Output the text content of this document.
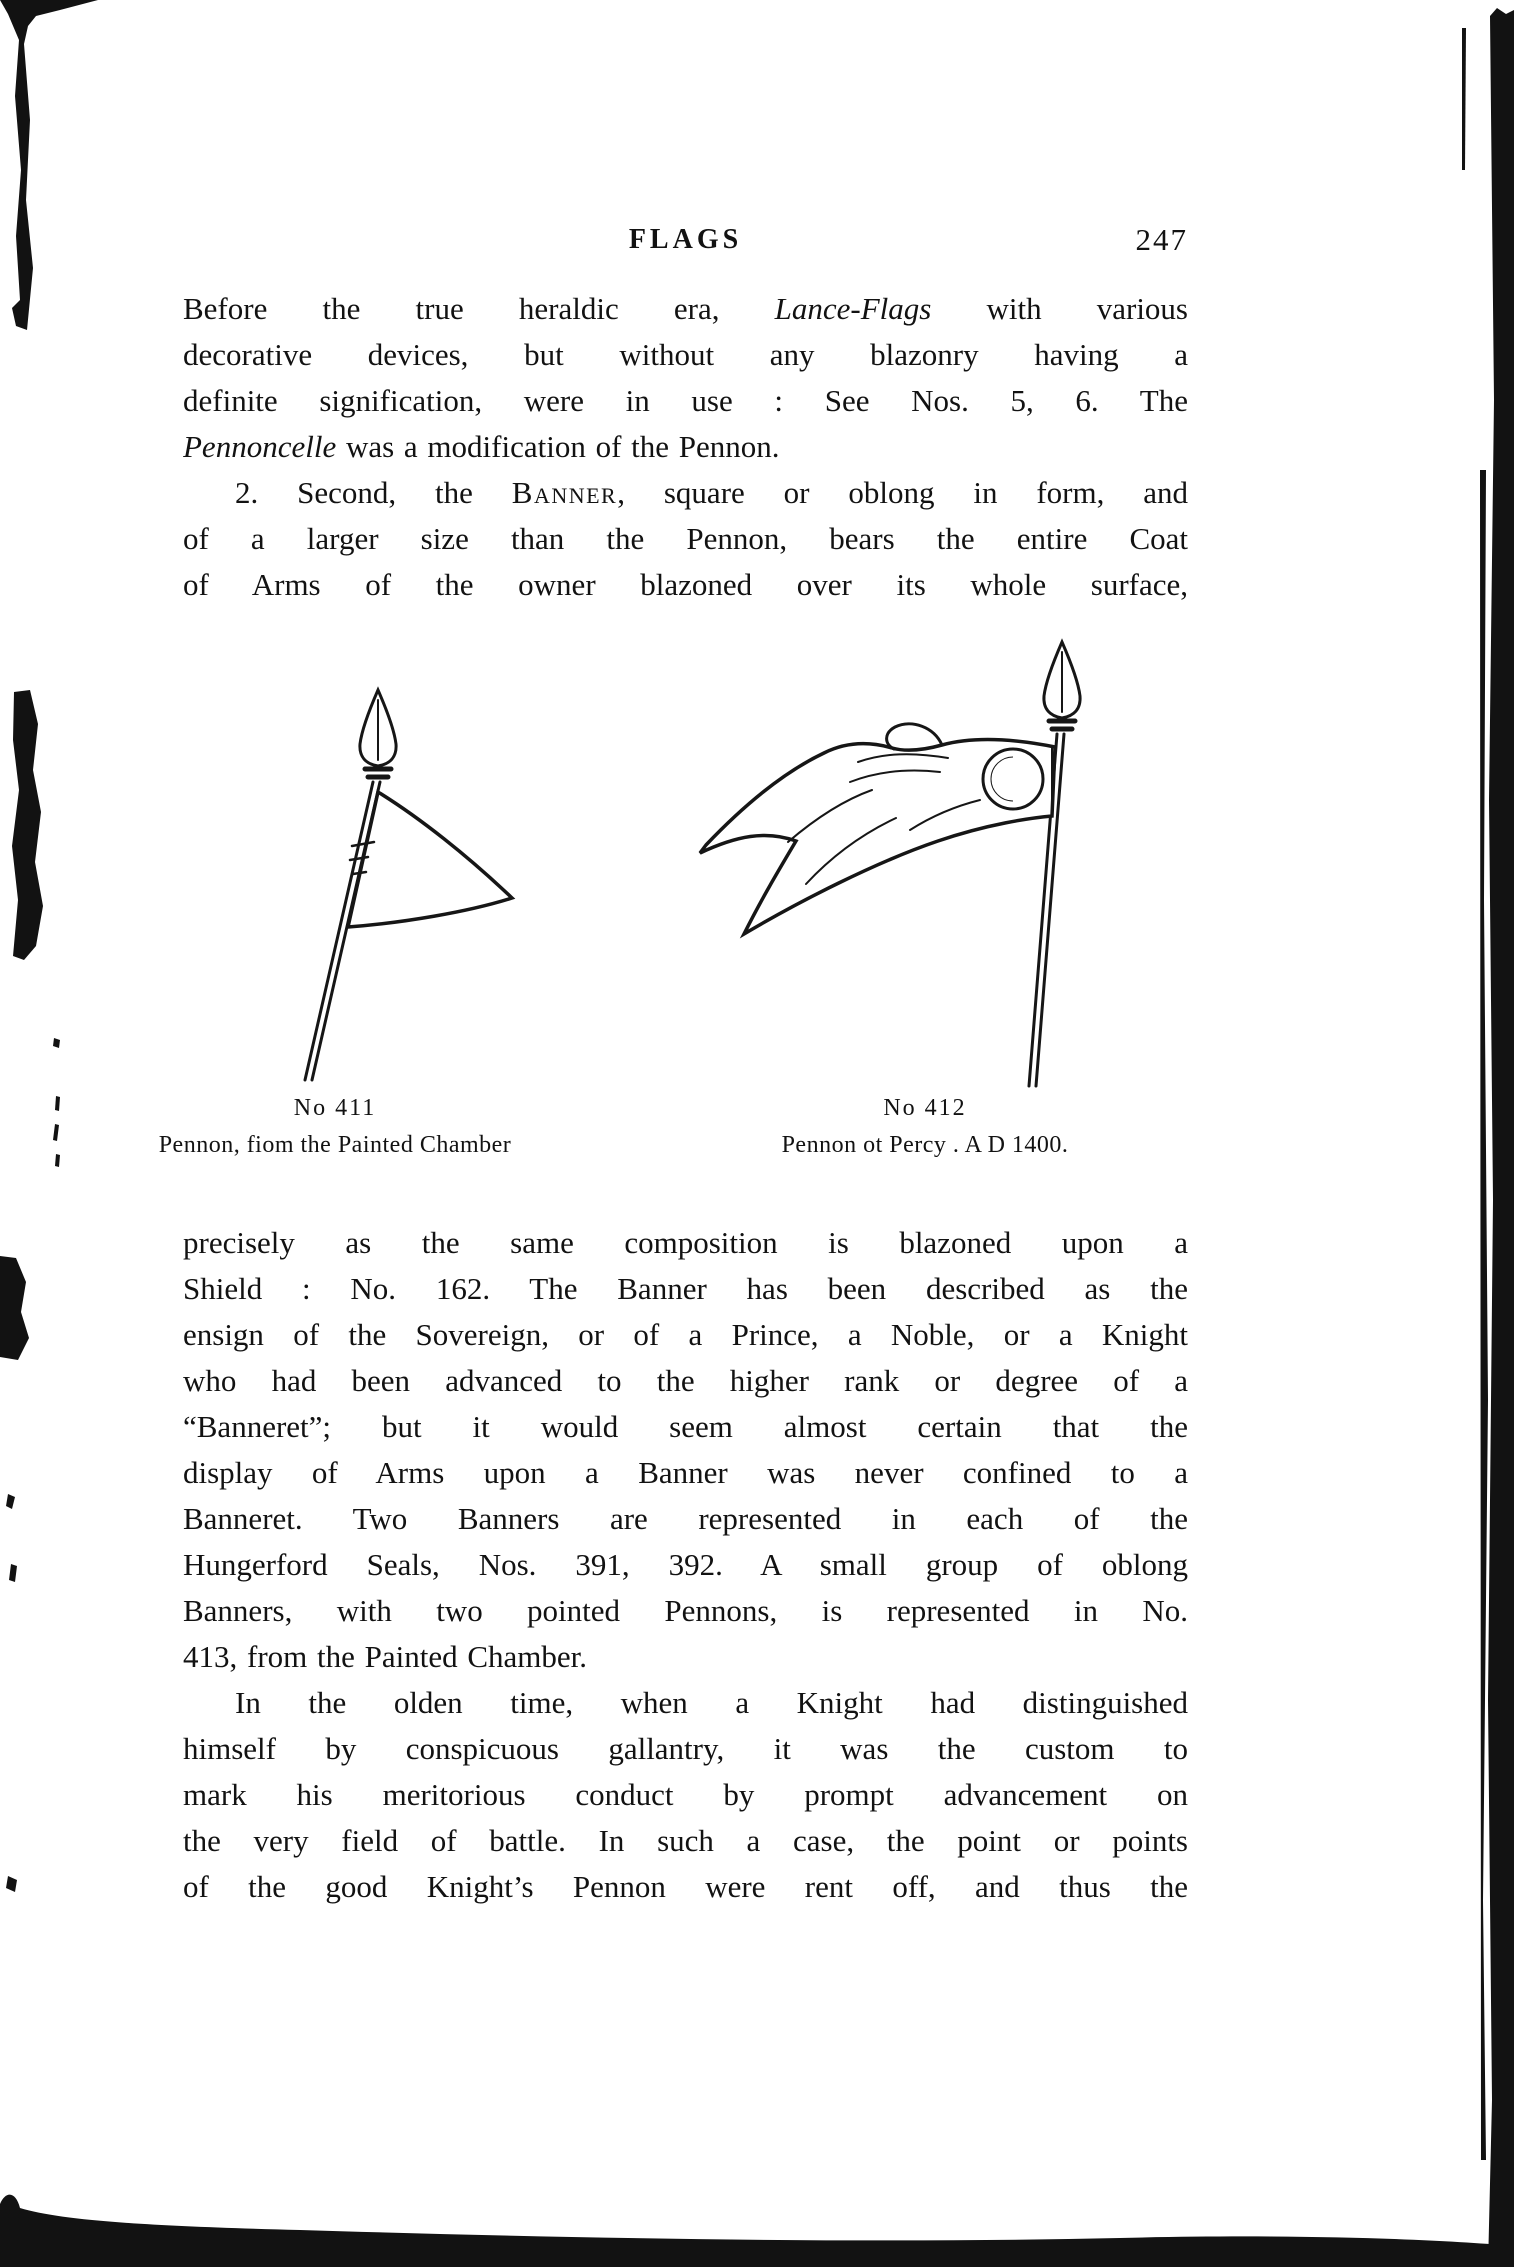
FLAGS	247
Before the true heraldic era, Lance-Flags with various
decorative devices, but without any blazonry having a
definite signification, were in use : See Nos. 5, 6. The
Pennoncelle was a modification of the Pennon.
2. Second, the Banner, square or oblong in form, and
of a larger size than the Pennon, bears the entire Coat
of Arms of the owner blazoned over its whole surface,
No 411
Pennon, fiom the Painted Chamber
No 412
Pennon ot Percy . A D 1400.
precisely as the same composition is blazoned upon a
Shield : No. 162. The Banner has been described as the
ensign of the Sovereign, or of a Prince, a Noble, or a Knight
who had been advanced to the higher rank or degree of a
“Banneret”; but it would seem almost certain that the
display of Arms upon a Banner was never confined to a
Banneret. Two Banners are represented in each of the
Hungerford Seals, Nos. 391, 392. A small group of oblong
Banners, with two pointed Pennons, is represented in No.
413, from the Painted Chamber.
In the olden time, when a Knight had distinguished
himself by conspicuous gallantry, it was the custom to
mark his meritorious conduct by prompt advancement on
the very field of battle. In such a case, the point or points
of the good Knight’s Pennon were rent off, and thus the
